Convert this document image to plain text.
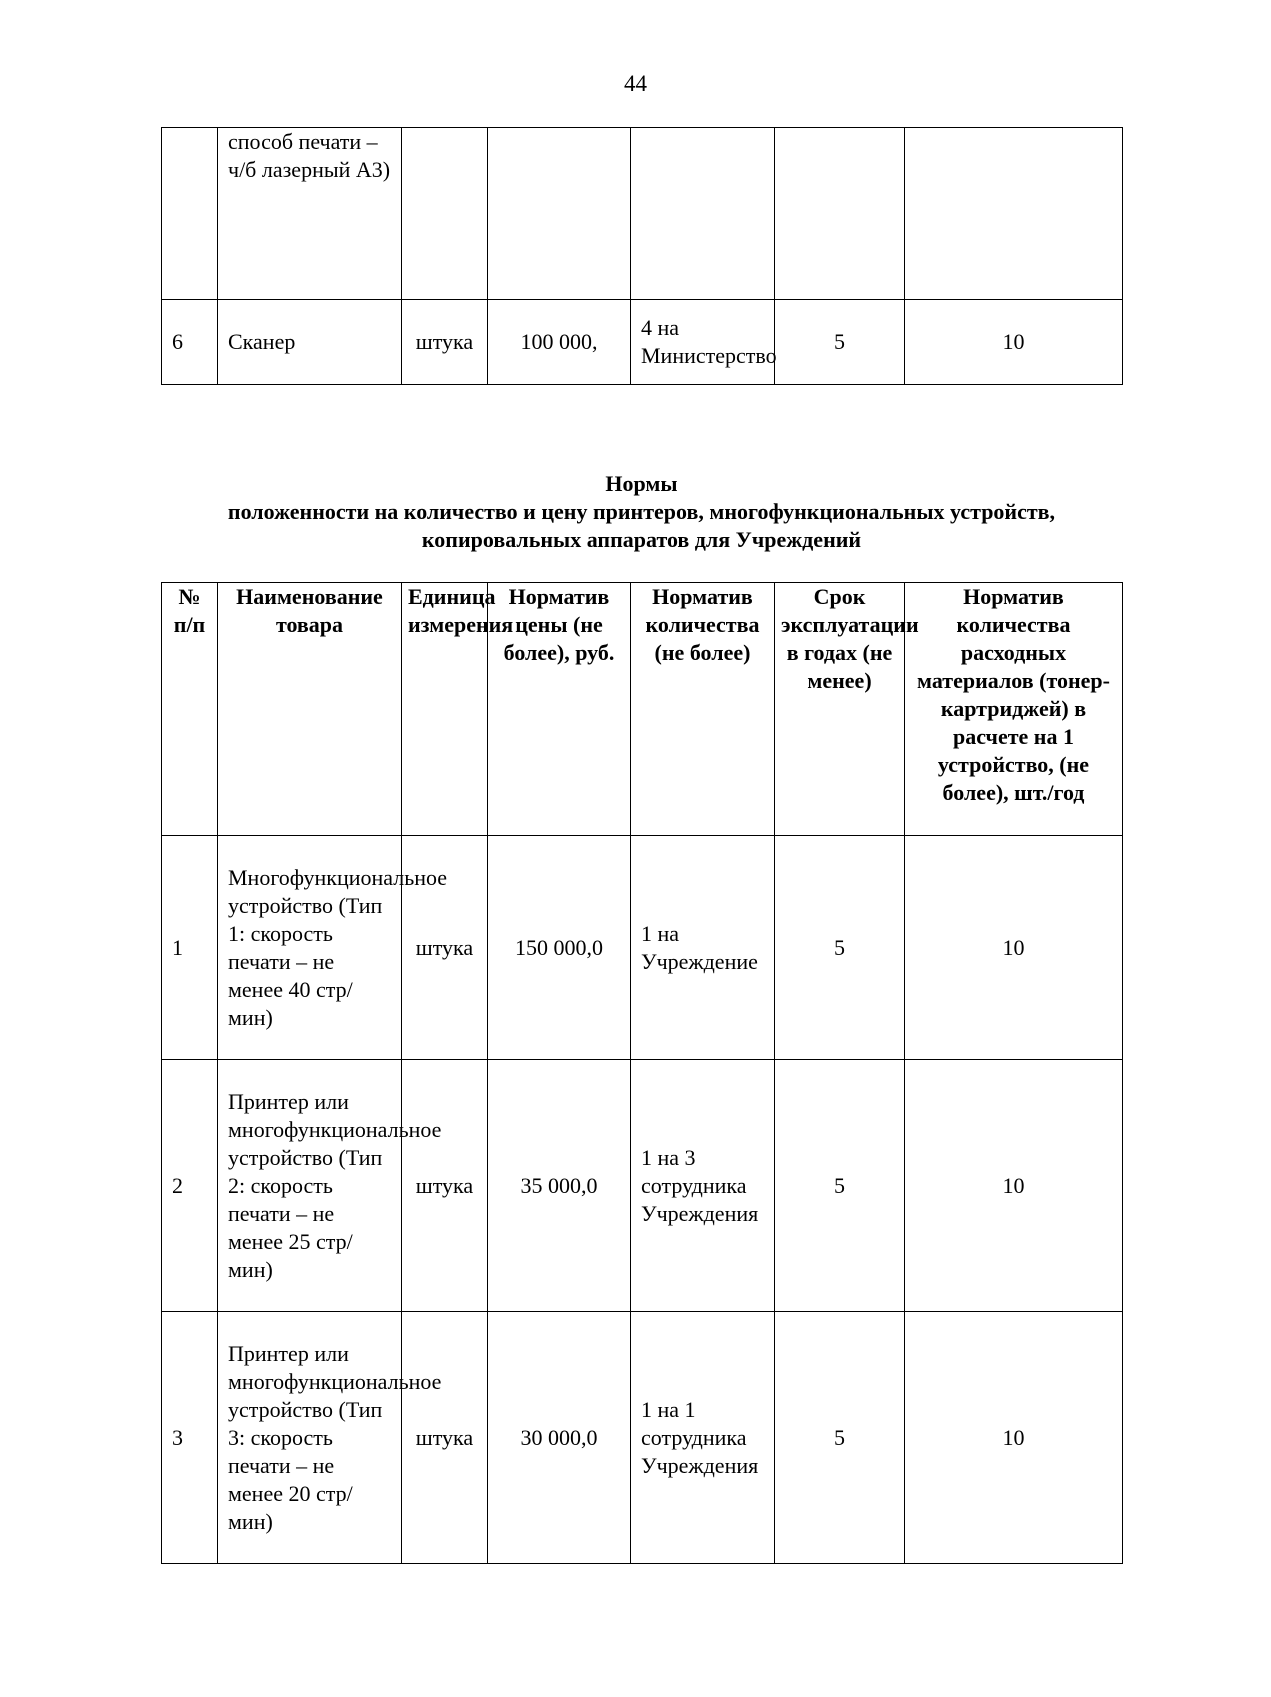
44
	способ печати – ч/б лазерный А3)					
6	Сканер	штука	100 000,	4 на Министерство	5	10
Нормы
положенности на количество и цену принтеров, многофункциональных устройств,
копировальных аппаратов для Учреждений
№ п/п	Наименование товара	Единица измерения	Норматив цены (не более), руб.	Норматив количества (не более)	Срок эксплуатации в годах (не менее)	Норматив количества расходных материалов (тонер-картриджей) в расчете на 1 устройство, (не более), шт./год
1	Многофункциональное устройство (Тип 1: скорость печати – не менее 40 стр/мин)	штука	150 000,0	1 на Учреждение	5	10
2	Принтер или многофункциональное устройство (Тип 2: скорость печати – не менее 25 стр/мин)	штука	35 000,0	1 на 3 сотрудника Учреждения	5	10
3	Принтер или многофункциональное устройство (Тип 3: скорость печати – не менее 20 стр/мин)	штука	30 000,0	1 на 1 сотрудника Учреждения	5	10
